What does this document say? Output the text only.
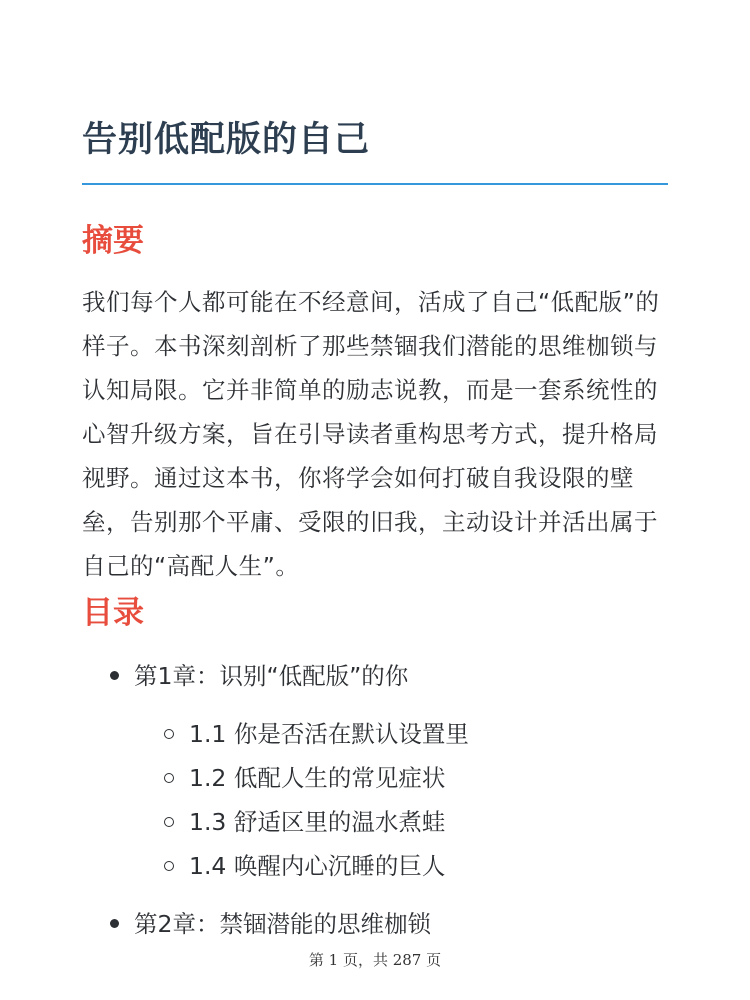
告别低配版的自己
摘要

我们每个人都可能在不经意间，活成了自己“低配版”的样子。本书深刻剖析了那些禁锢我们潜能的思维枷锁与认知局限。它并非简单的励志说教，而是一套系统性的心智升级方案，旨在引导读者重构思考方式，提升格局视野。通过这本书，你将学会如何打破自我设限的壁垒，告别那个平庸、受限的旧我，主动设计并活出属于自己的“高配人生”。

目录
第1章：识别“低配版”的你
1.1 你是否活在默认设置里
1.2 低配人生的常见症状
1.3 舒适区里的温水煮蛙
1.4 唤醒内心沉睡的巨人
第2章：禁锢潜能的思维枷锁
第 1 页，共 287 页
